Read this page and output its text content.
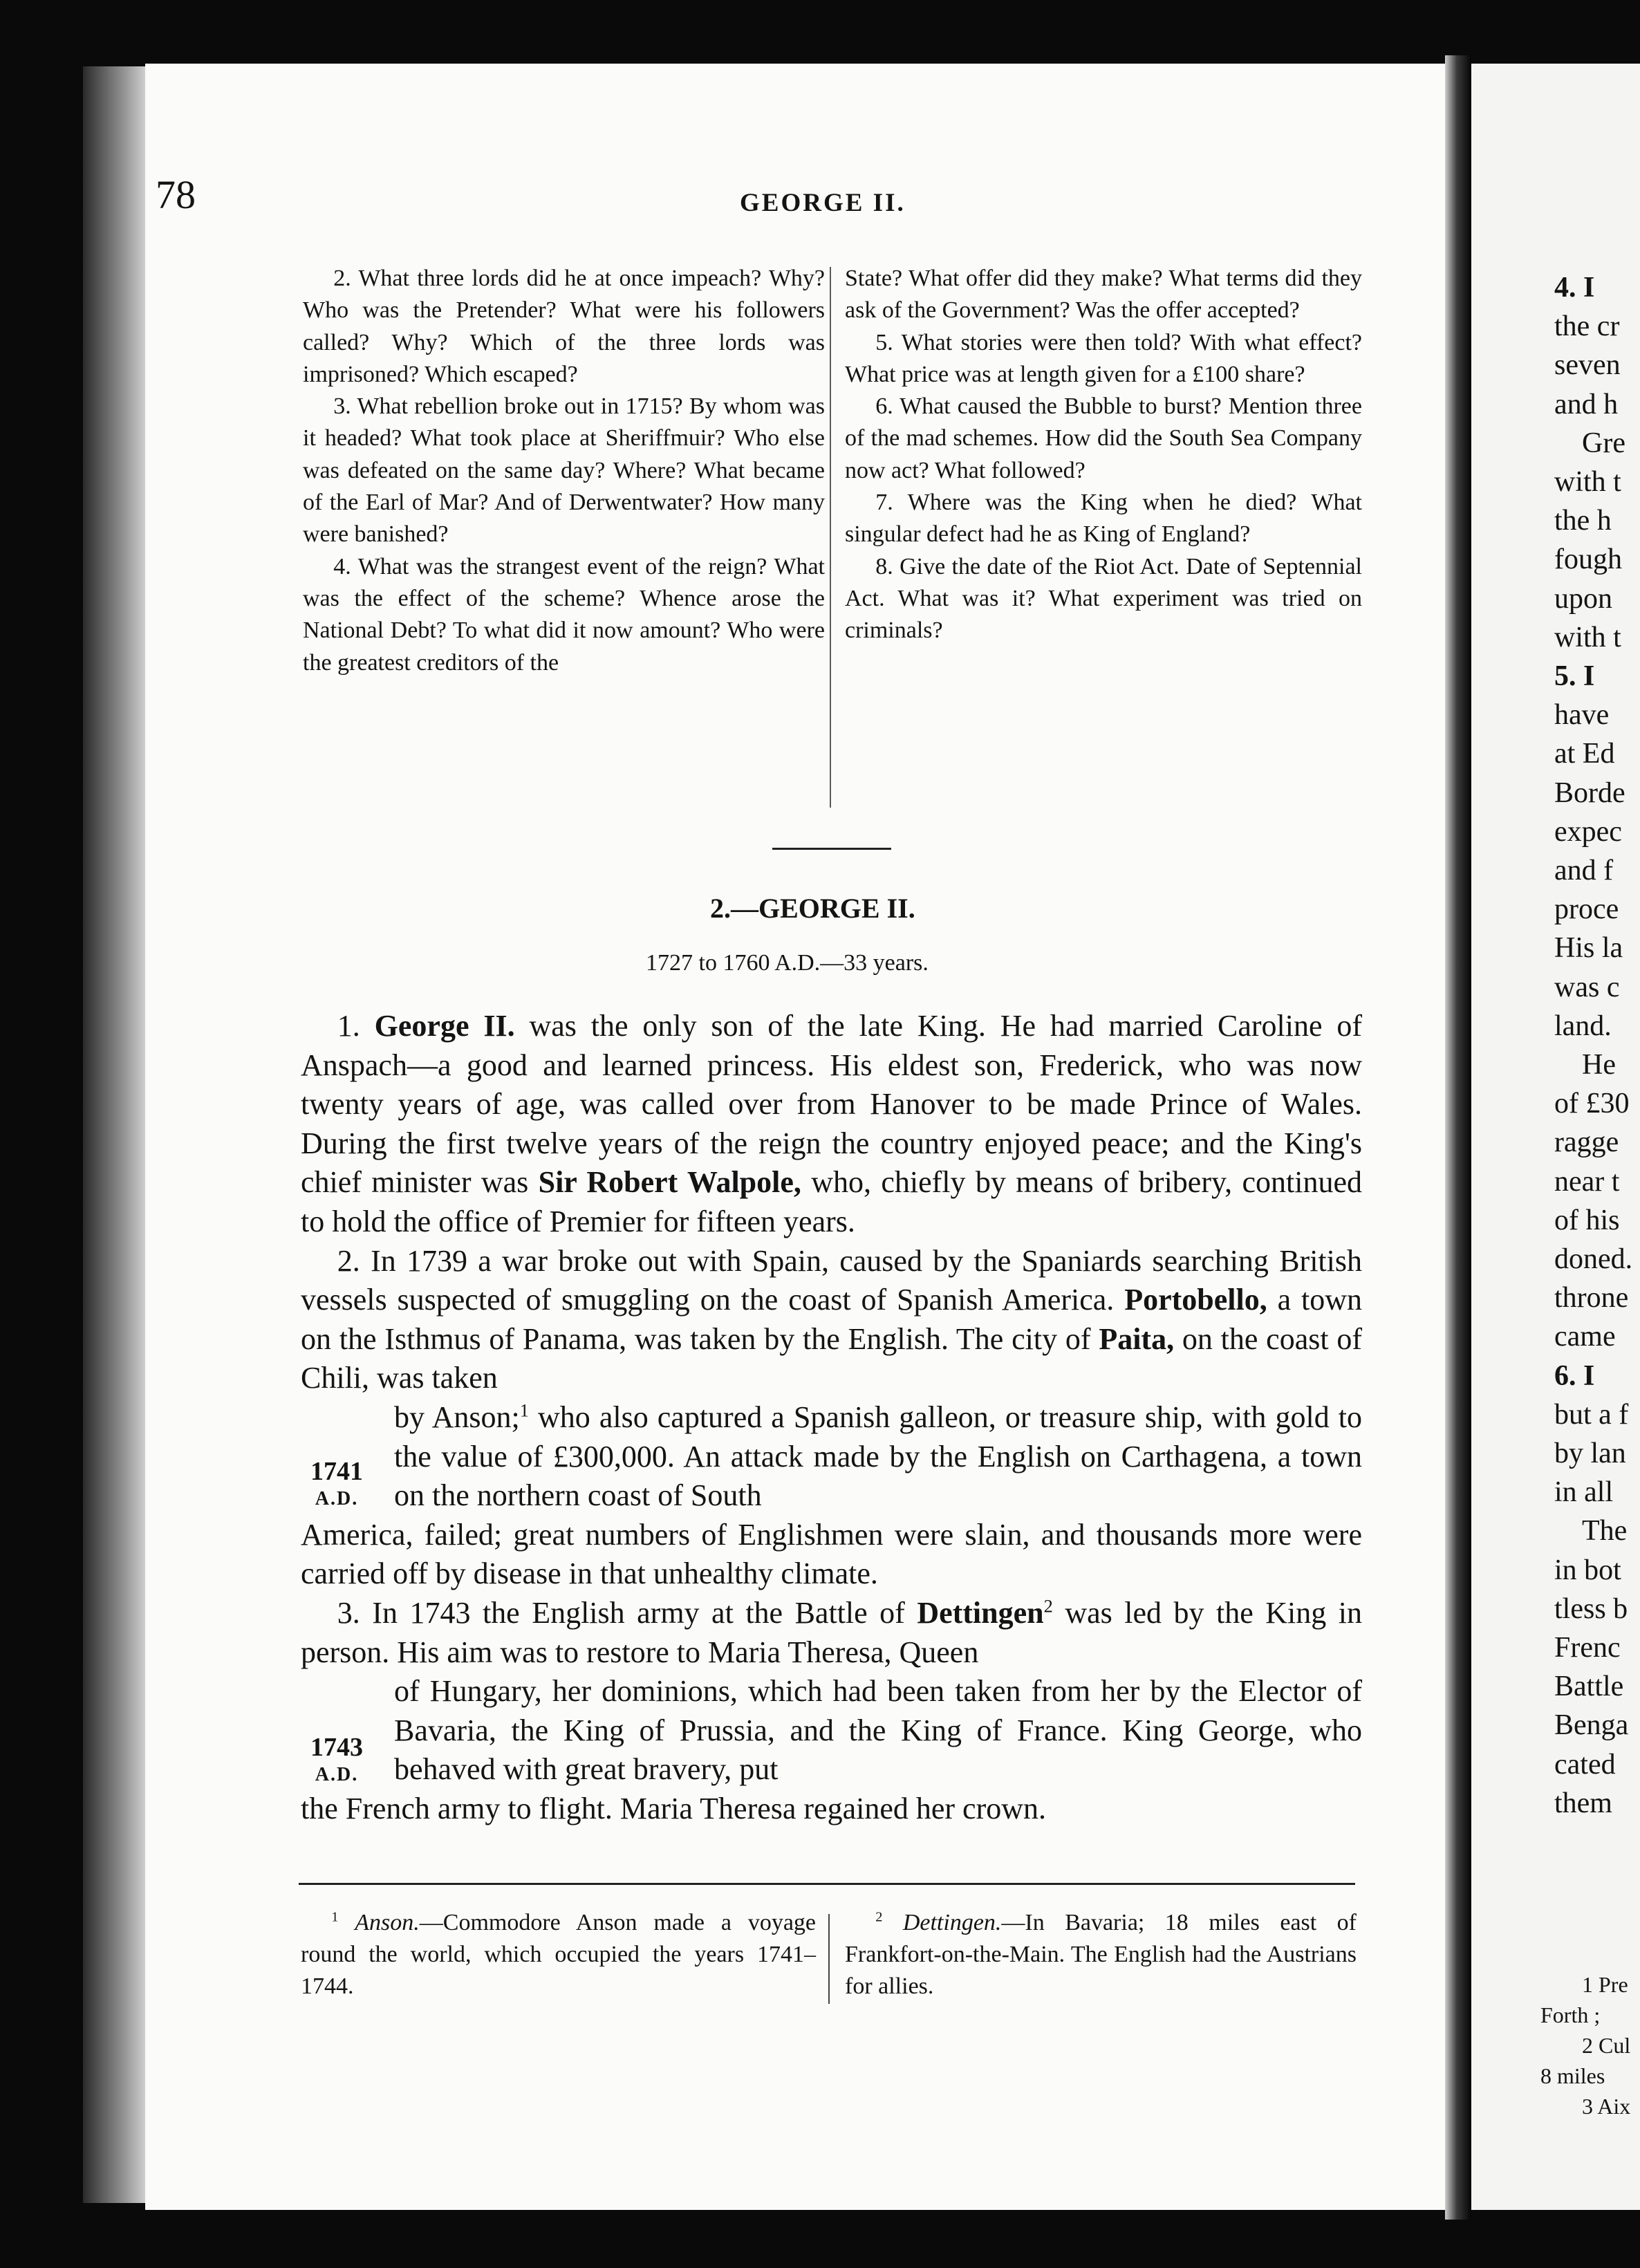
78	GEORGE II.

2. What three lords did he at once impeach? Why? Who was the Pretender? What were his followers called? Why? Which of the three lords was imprisoned? Which escaped?

3. What rebellion broke out in 1715? By whom was it headed? What took place at Sheriffmuir? Who else was defeated on the same day? Where? What became of the Earl of Mar? And of Derwentwater? How many were banished?

4. What was the strangest event of the reign? What was the effect of the scheme? Whence arose the National Debt? To what did it now amount? Who were the greatest creditors of the

State? What offer did they make? What terms did they ask of the Government? Was the offer accepted?

5. What stories were then told? With what effect? What price was at length given for a £100 share?

6. What caused the Bubble to burst? Mention three of the mad schemes. How did the South Sea Company now act? What followed?

7. Where was the King when he died? What singular defect had he as King of England?

8. Give the date of the Riot Act. Date of Septennial Act. What was it? What experiment was tried on criminals?

2.—GEORGE II.
1727 to 1760 A.D.—33 years.

1. George II. was the only son of the late King. He had married Caroline of Anspach—a good and learned princess. His eldest son, Frederick, who was now twenty years of age, was called over from Hanover to be made Prince of Wales. During the first twelve years of the reign the country enjoyed peace; and the King's chief minister was Sir Robert Walpole, who, chiefly by means of bribery, continued to hold the office of Premier for fifteen years.

2. In 1739 a war broke out with Spain, caused by the Spaniards searching British vessels suspected of smuggling on the coast of Spanish America. Portobello, a town on the Isthmus of Panama, was taken by the English. The city of Paita, on the coast of Chili, was taken

by Anson;$^1$ who also captured a Spanish galleon, or treasure ship, with gold to the value of £300,000. An attack made by the English on Carthagena, a town on the northern coast of South

America, failed; great numbers of Englishmen were slain, and thousands more were carried off by disease in that unhealthy climate.

3. In 1743 the English army at the Battle of Dettingen$^2$ was led by the King in person. His aim was to restore to Maria Theresa, Queen

of Hungary, her dominions, which had been taken from her by the Elector of Bavaria, the King of Prussia, and the King of France. King George, who behaved with great bravery, put

the French army to flight. Maria Theresa regained her crown.

1741
A.D.
1743
A.D.

$^1$ Anson.—Commodore Anson made a voyage round the world, which occupied the years 1741–1744.

$^2$ Dettingen.—In Bavaria; 18 miles east of Frankfort-on-the-Main. The English had the Austrians for allies.

4. I
the cr
seven
and h
Gre
with t
the h
fough
upon
with t
5. I
have
at Ed
Borde
expec
and f
proce
His la
was c
land.
He
of £30
ragge
near t
of his
doned.
throne
came
6. I
but a f
by lan
in all
The
in bot
tless b
Frenc
Battle
Benga
cated
them
1 Pre
Forth ;
2 Cul
8 miles
3 Aix
